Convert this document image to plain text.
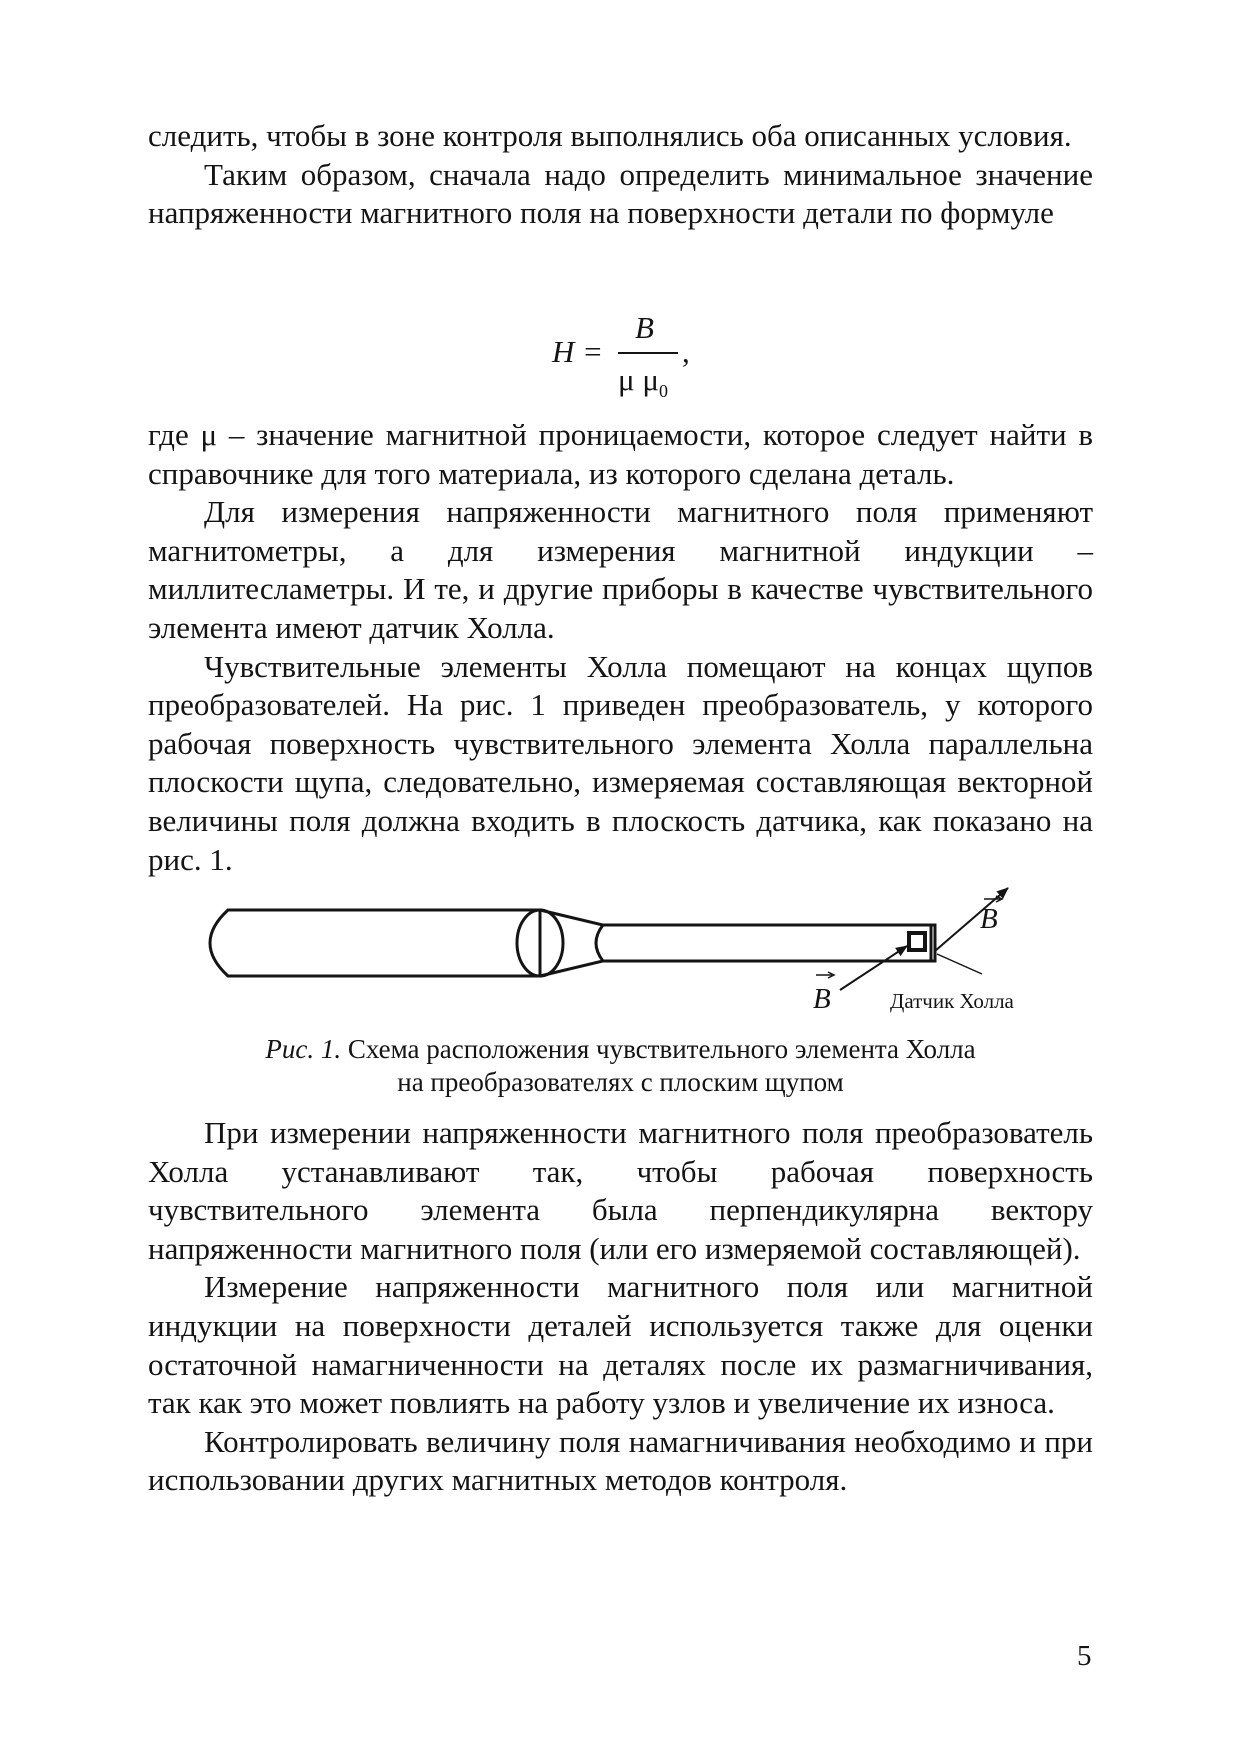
следить, чтобы в зоне контроля выполнялись оба описанных условия.

Таким образом, сначала надо определить минимальное значение напряженности магнитного поля на поверхности детали по формуле

H =
B
μ $\mu_0$
,

где μ – значение магнитной проницаемости, которое следует найти в справочнике для того материала, из которого сделана деталь.

Для измерения напряженности магнитного поля применяют магнитометры, а для измерения магнитной индукции – миллитесламетры. И те, и другие приборы в качестве чувствительного элемента имеют датчик Холла.

Чувствительные элементы Холла помещают на концах щупов преобразователей. На рис. 1 приведен преобразователь, у которого рабочая поверхность чувствительного элемента Холла параллельна плоскости щупа, следовательно, измеряемая составляющая векторной величины поля должна входить в плоскость датчика, как показано на рис. 1.

B
B
Датчик Холла
Рис. 1. Схема расположения чувствительного элемента Холла
на преобразователях с плоским щупом

При измерении напряженности магнитного поля преобразователь Холла устанавливают так, чтобы рабочая поверхность чувствительного элемента была перпендикулярна вектору напряженности магнитного поля (или его измеряемой составляющей).

Измерение напряженности магнитного поля или магнитной индукции на поверхности деталей используется также для оценки остаточной намагниченности на деталях после их размагничивания, так как это может повлиять на работу узлов и увеличение их износа.

Контролировать величину поля намагничивания необходимо и при использовании других магнитных методов контроля.

5
